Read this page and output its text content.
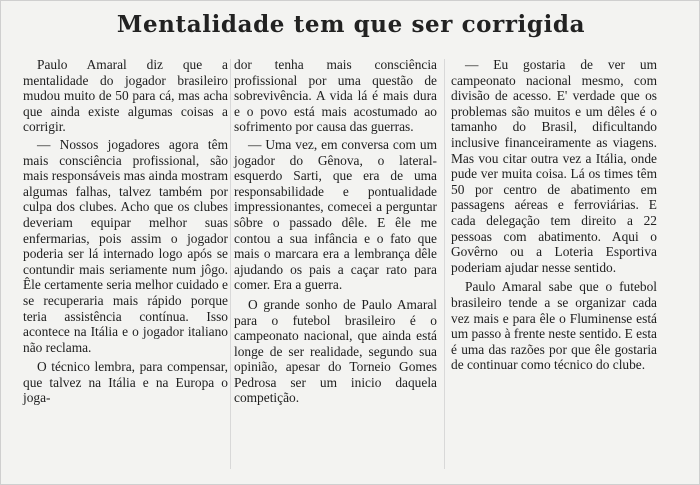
Mentalidade tem que ser corrigida

Paulo Amaral diz que a mentalidade do jogador brasileiro mudou muito de 50 para cá, mas acha que ainda existe algumas coisas a corrigir.

— Nossos jogadores agora têm mais consciência profissional, são mais responsáveis mas ainda mostram algumas falhas, talvez também por culpa dos clubes. Acho que os clubes deveriam equipar melhor suas enfermarias, pois assim o jogador poderia ser lá internado logo após se contundir mais seriamente num jôgo. Êle certamente seria melhor cuidado e se recuperaria mais rápido porque teria assistência contínua. Isso acontece na Itália e o jogador italiano não reclama.

O técnico lembra, para compensar, que talvez na Itália e na Europa o joga-

dor tenha mais consciência profissional por uma questão de sobrevivência. A vida lá é mais dura e o povo está mais acostumado ao sofrimento por causa das guerras.

— Uma vez, em conversa com um jogador do Gênova, o lateral-esquerdo Sarti, que era de uma responsabilidade e pontualidade impressionantes, comecei a perguntar sôbre o passado dêle. E êle me contou a sua infância e o fato que mais o marcara era a lembrança dêle ajudando os pais a caçar rato para comer. Era a guerra.

O grande sonho de Paulo Amaral para o futebol brasileiro é o campeonato nacional, que ainda está longe de ser realidade, segundo sua opinião, apesar do Torneio Gomes Pedrosa ser um inicio daquela competição.

— Eu gostaria de ver um campeonato nacional mesmo, com divisão de acesso. E' verdade que os problemas são muitos e um dêles é o tamanho do Brasil, dificultando inclusive financeiramente as viagens. Mas vou citar outra vez a Itália, onde pude ver muita coisa. Lá os times têm 50 por centro de abatimento em passagens aéreas e ferroviárias. E cada delegação tem direito a 22 pessoas com abatimento. Aqui o Govêrno ou a Loteria Esportiva poderiam ajudar nesse sentido.

Paulo Amaral sabe que o futebol brasileiro tende a se organizar cada vez mais e para êle o Fluminense está um passo à frente neste sentido. E esta é uma das razões por que êle gostaria de continuar como técnico do clube.
